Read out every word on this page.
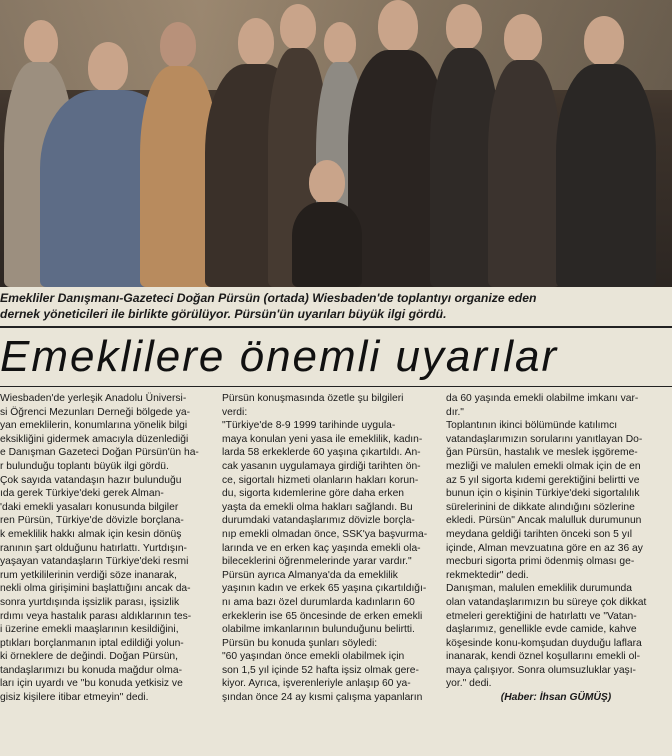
Emekliler Danışmanı-Gazeteci Doğan Pürsün (ortada) Wiesbaden'de toplantıyı organize eden
dernek yöneticileri ile birlikte görülüyor. Pürsün'ün uyarıları büyük ilgi gördü.
Emeklilere önemli uyarılar
Wiesbaden'de yerleşik Anadolu Üniversi-
si Öğrenci Mezunları Derneği bölgede ya-
yan emeklilerin, konumlarına yönelik bilgi
eksikliğini gidermek amacıyla düzenlediği
e Danışman Gazeteci Doğan Pürsün'ün ha-
r bulunduğu toplantı büyük ilgi gördü.
Çok sayıda vatandaşın hazır bulunduğu
ıda gerek Türkiye'deki gerek Alman-
'daki emekli yasaları konusunda bilgiler
ren Pürsün, Türkiye'de dövizle borçlana-
k emeklilik hakkı almak için kesin dönüş
ranının şart olduğunu hatırlattı. Yurtdışın-
yaşayan vatandaşların Türkiye'deki resmi
rum yetkililerinin verdiği söze inanarak,
nekli olma girişimini başlattığını ancak da-
sonra yurtdışında işsizlik parası, işsizlik
rdımı veya hastalık parası aldıklarının tes-
i üzerine emekli maaşlarının kesildiğini,
ptıkları borçlanmanın iptal edildiği yolun-
ki örneklere de değindi. Doğan Pürsün,
tandaşlarımızı bu konuda mağdur olma-
ları için uyardı ve "bu konuda yetkisiz ve
gisiz kişilere itibar etmeyin" dedi.
Pürsün konuşmasında özetle şu bilgileri
verdi:
"Türkiye'de 8-9 1999 tarihinde uygula-
maya konulan yeni yasa ile emeklilik, kadın-
larda 58 erkeklerde 60 yaşına çıkartıldı. An-
cak yasanın uygulamaya girdiği tarihten ön-
ce, sigortalı hizmeti olanların hakları korun-
du, sigorta kıdemlerine göre daha erken
yaşta da emekli olma hakları sağlandı. Bu
durumdaki vatandaşlarımız dövizle borçla-
nıp emekli olmadan önce, SSK'ya başvurma-
larında ve en erken kaç yaşında emekli ola-
bileceklerini öğrenmelerinde yarar vardır."
Pürsün ayrıca Almanya'da da emeklilik
yaşının kadın ve erkek 65 yaşına çıkartıldığı-
nı ama bazı özel durumlarda kadınların 60
erkeklerin ise 65 öncesinde de erken emekli
olabilme imkanlarının bulunduğunu belirtti.
Pürsün bu konuda şunları söyledi:
"60 yaşından önce emekli olabilmek için
son 1,5 yıl içinde 52 hafta işsiz olmak gere-
kiyor. Ayrıca, işverenleriyle anlaşıp 60 ya-
şından önce 24 ay kısmi çalışma yapanların
da 60 yaşında emekli olabilme imkanı var-
dır."
Toplantının ikinci bölümünde katılımcı
vatandaşlarımızın sorularını yanıtlayan Do-
ğan Pürsün, hastalık ve meslek işgöreme-
mezliği ve malulen emekli olmak için de en
az 5 yıl sigorta kıdemi gerektiğini belirtti ve
bunun için o kişinin Türkiye'deki sigortalılık
sürelerinini de dikkate alındığını sözlerine
ekledi. Pürsün" Ancak malulluk durumunun
meydana geldiği tarihten önceki son 5 yıl
içinde, Alman mevzuatına göre en az 36 ay
mecburi sigorta primi ödenmiş olması ge-
rekmektedir" dedi.
Danışman, malulen emeklilik durumunda
olan vatandaşlarımızın bu süreye çok dikkat
etmeleri gerektiğini de hatırlattı ve "Vatan-
daşlarımız, genellikle evde camide, kahve
köşesinde konu-komşudan duyduğu laflara
inanarak, kendi öznel koşullarını emekli ol-
maya çalışıyor. Sonra olumsuzluklar yaşı-
yor." dedi.
(Haber: İhsan GÜMÜŞ)
